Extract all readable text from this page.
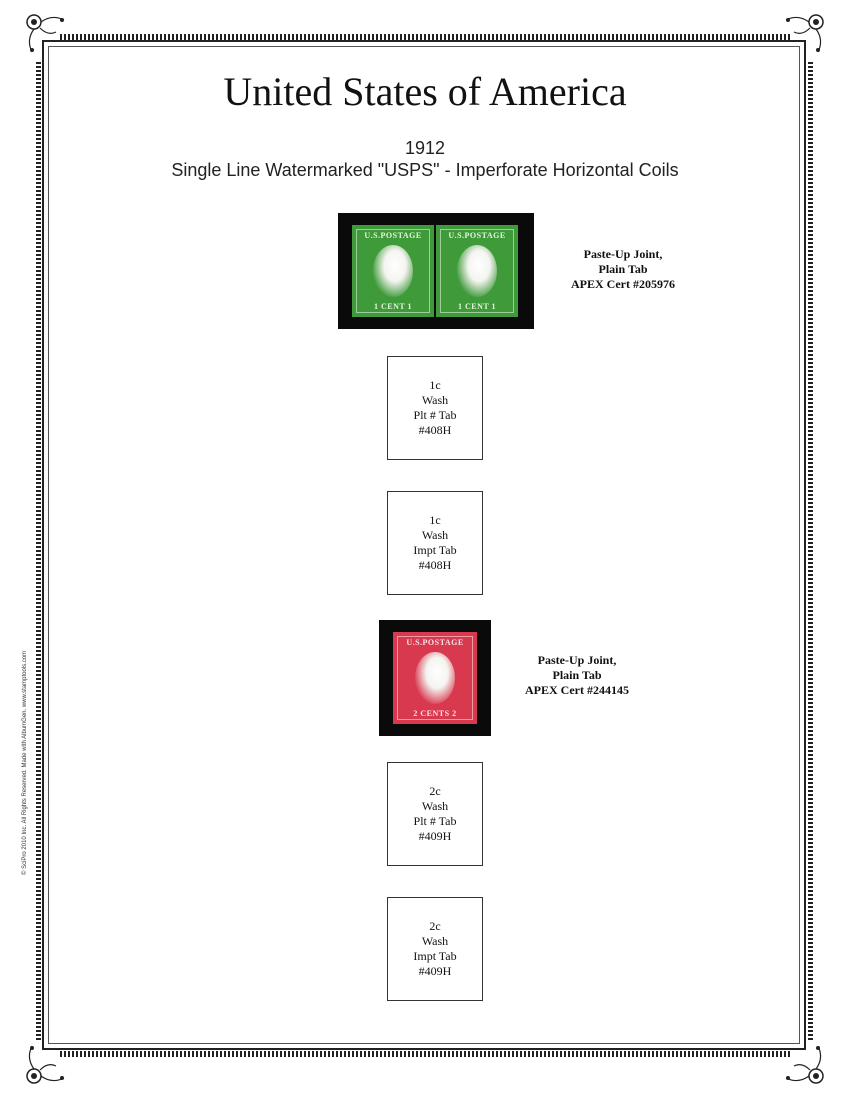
United States of America
1912
Single Line Watermarked "USPS" - Imperforate Horizontal Coils
U.S.POSTAGE
1 CENT 1
U.S.POSTAGE
1 CENT 1
Paste-Up Joint,
Plain Tab
APEX Cert #205976
1c
Wash
Plt # Tab
#408H
1c
Wash
Impt Tab
#408H
U.S.POSTAGE
2 CENTS 2
Paste-Up Joint,
Plain Tab
APEX Cert #244145
2c
Wash
Plt # Tab
#409H
2c
Wash
Impt Tab
#409H
© SciPro 2010 Inc. All Rights Reserved. Made with AlbumGen. www.stamptools.com
